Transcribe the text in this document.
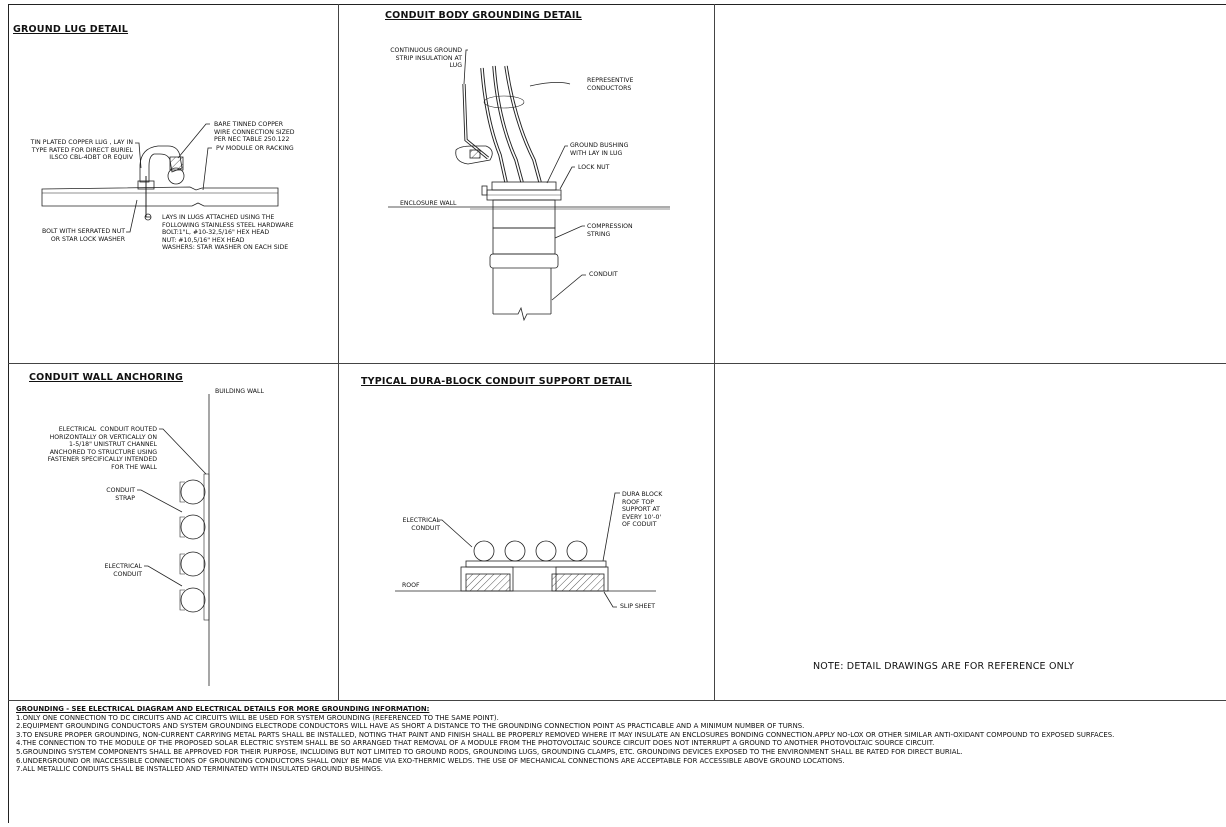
GROUND LUG DETAIL
TIN PLATED COPPER LUG , LAY IN
TYPE RATED FOR DIRECT BURIEL
ILSCO CBL-4DBT OR EQUIV
BARE TINNED COPPER
WIRE CONNECTION SIZED
PER NEC TABLE 250.122
PV MODULE OR RACKING
BOLT WITH SERRATED NUT
OR STAR LOCK WASHER
LAYS IN LUGS ATTACHED USING THE
FOLLOWING STAINLESS STEEL HARDWARE
BOLT:1"L, #10-32,5/16" HEX HEAD
NUT: #10,5/16" HEX HEAD
WASHERS: STAR WASHER ON EACH SIDE
CONDUIT BODY GROUNDING DETAIL
CONTINUOUS GROUND
STRIP INSULATION AT
LUG
REPRESENTIVE
CONDUCTORS
GROUND BUSHING
WITH LAY IN LUG
LOCK NUT
ENCLOSURE WALL
COMPRESSION
STRING
CONDUIT
CONDUIT WALL ANCHORING
BUILDING WALL
ELECTRICAL  CONDUIT ROUTED
HORIZONTALLY OR VERTICALLY ON
1-5/18" UNISTRUT CHANNEL
ANCHORED TO STRUCTURE USING
FASTENER SPECIFICALLY INTENDED
FOR THE WALL
CONDUIT
STRAP
ELECTRICAL
CONDUIT
TYPICAL DURA-BLOCK CONDUIT SUPPORT DETAIL
ELECTRICAL
CONDUIT
DURA BLOCK
ROOF TOP
SUPPORT AT
EVERY 10'-0'
OF CODUIT
ROOF
SLIP SHEET
NOTE: DETAIL DRAWINGS ARE FOR REFERENCE ONLY
GROUNDING - SEE ELECTRICAL DIAGRAM AND ELECTRICAL DETAILS FOR MORE GROUNDING INFORMATION:
1.ONLY ONE CONNECTION TO DC CIRCUITS AND AC CIRCUITS WILL BE USED FOR SYSTEM GROUNDING (REFERENCED TO THE SAME POINT).
2.EQUIPMENT GROUNDING CONDUCTORS AND SYSTEM GROUNDING ELECTRODE CONDUCTORS WILL HAVE AS SHORT A DISTANCE TO THE GROUNDING CONNECTION POINT AS PRACTICABLE AND A MINIMUM NUMBER OF TURNS.
3.TO ENSURE PROPER GROUNDING, NON-CURRENT CARRYING METAL PARTS SHALL BE INSTALLED, NOTING THAT PAINT AND FINISH SHALL BE PROPERLY REMOVED WHERE IT MAY INSULATE AN ENCLOSURES BONDING CONNECTION.APPLY NO-LOX OR OTHER SIMILAR ANTI-OXIDANT COMPOUND TO EXPOSED SURFACES.
4.THE CONNECTION TO THE MODULE OF THE PROPOSED SOLAR ELECTRIC SYSTEM SHALL BE SO ARRANGED THAT REMOVAL OF A MODULE FROM THE PHOTOVOLTAIC SOURCE CIRCUIT DOES NOT INTERRUPT A GROUND TO ANOTHER PHOTOVOLTAIC SOURCE CIRCUIT.
5.GROUNDING SYSTEM COMPONENTS SHALL BE APPROVED FOR THEIR PURPOSE, INCLUDING BUT NOT LIMITED TO GROUND RODS, GROUNDING LUGS, GROUNDING CLAMPS, ETC. GROUNDING DEVICES EXPOSED TO THE ENVIRONMENT SHALL BE RATED FOR DIRECT BURIAL.
6.UNDERGROUND OR INACCESSIBLE CONNECTIONS OF GROUNDING CONDUCTORS SHALL ONLY BE MADE VIA EXO-THERMIC WELDS. THE USE OF MECHANICAL CONNECTIONS ARE ACCEPTABLE FOR ACCESSIBLE ABOVE GROUND LOCATIONS.
7.ALL METALLIC CONDUITS SHALL BE INSTALLED AND TERMINATED WITH INSULATED GROUND BUSHINGS.
